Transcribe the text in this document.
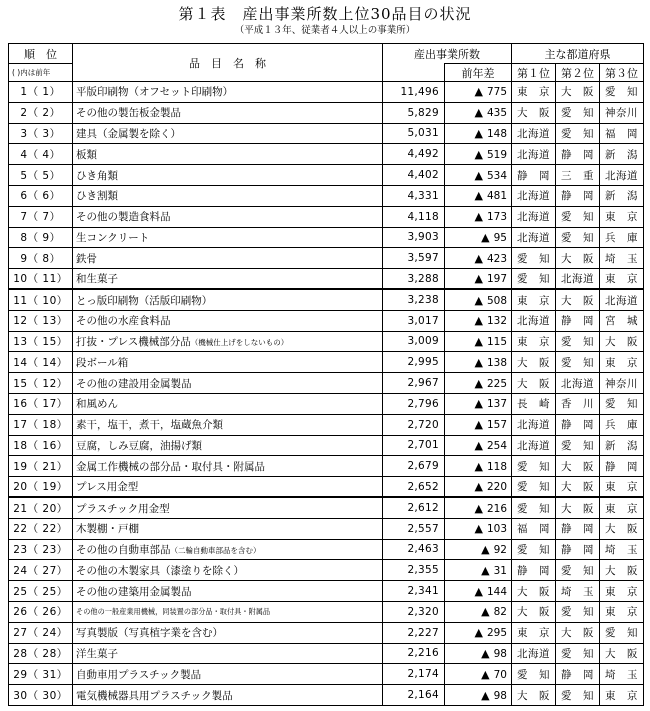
第１表　産出事業所数上位30品目の状況
（平成１３年、従業者４人以上の事業所）
順　位	品　目　名　称	産出事業所数		主な都道府県		
( )内は前年			前年差	第１位	第２位	第３位
1（ 1）	平版印刷物（オフセット印刷物）	11,496	▲ 775	東　京	大　阪	愛　知
2（ 2）	その他の製缶板金製品	5,829	▲ 435	大　阪	愛　知	神奈川
3（ 3）	建具（金属製を除く）	5,031	▲ 148	北海道	愛　知	福　岡
4（ 4）	板類	4,492	▲ 519	北海道	静　岡	新　潟
5（ 5）	ひき角類	4,402	▲ 534	静　岡	三　重	北海道
6（ 6）	ひき割類	4,331	▲ 481	北海道	静　岡	新　潟
7（ 7）	その他の製造食料品	4,118	▲ 173	北海道	愛　知	東　京
8（ 9）	生コンクリート	3,903	▲ 95	北海道	愛　知	兵　庫
9（ 8）	鉄骨	3,597	▲ 423	愛　知	大　阪	埼　玉
10（ 11）	和生菓子	3,288	▲ 197	愛　知	北海道	東　京
11（ 10）	とっ版印刷物（活版印刷物）	3,238	▲ 508	東　京	大　阪	北海道
12（ 13）	その他の水産食料品	3,017	▲ 132	北海道	静　岡	宮　城
13（ 15）	打抜・プレス機械部分品（機械仕上げをしないもの）	3,009	▲ 115	東　京	愛　知	大　阪
14（ 14）	段ボール箱	2,995	▲ 138	大　阪	愛　知	東　京
15（ 12）	その他の建設用金属製品	2,967	▲ 225	大　阪	北海道	神奈川
16（ 17）	和風めん	2,796	▲ 137	長　崎	香　川	愛　知
17（ 18）	素干，塩干，煮干，塩蔵魚介類	2,720	▲ 157	北海道	静　岡	兵　庫
18（ 16）	豆腐，しみ豆腐，油揚げ類	2,701	▲ 254	北海道	愛　知	新　潟
19（ 21）	金属工作機械の部分品・取付具・附属品	2,679	▲ 118	愛　知	大　阪	静　岡
20（ 19）	プレス用金型	2,652	▲ 220	愛　知	大　阪	東　京
21（ 20）	プラスチック用金型	2,612	▲ 216	愛　知	大　阪	東　京
22（ 22）	木製棚・戸棚	2,557	▲ 103	福　岡	静　岡	大　阪
23（ 23）	その他の自動車部品（二輪自動車部品を含む）	2,463	▲ 92	愛　知	静　岡	埼　玉
24（ 27）	その他の木製家具（漆塗りを除く）	2,355	▲ 31	静　岡	愛　知	大　阪
25（ 25）	その他の建築用金属製品	2,341	▲ 144	大　阪	埼　玉	東　京
26（ 26）	その他の一般産業用機械，同装置の部分品・取付具・附属品	2,320	▲ 82	大　阪	愛　知	東　京
27（ 24）	写真製版（写真植字業を含む）	2,227	▲ 295	東　京	大　阪	愛　知
28（ 28）	洋生菓子	2,216	▲ 98	北海道	愛　知	大　阪
29（ 31）	自動車用プラスチック製品	2,174	▲ 70	愛　知	静　岡	埼　玉
30（ 30）	電気機械器具用プラスチック製品	2,164	▲ 98	大　阪	愛　知	東　京
